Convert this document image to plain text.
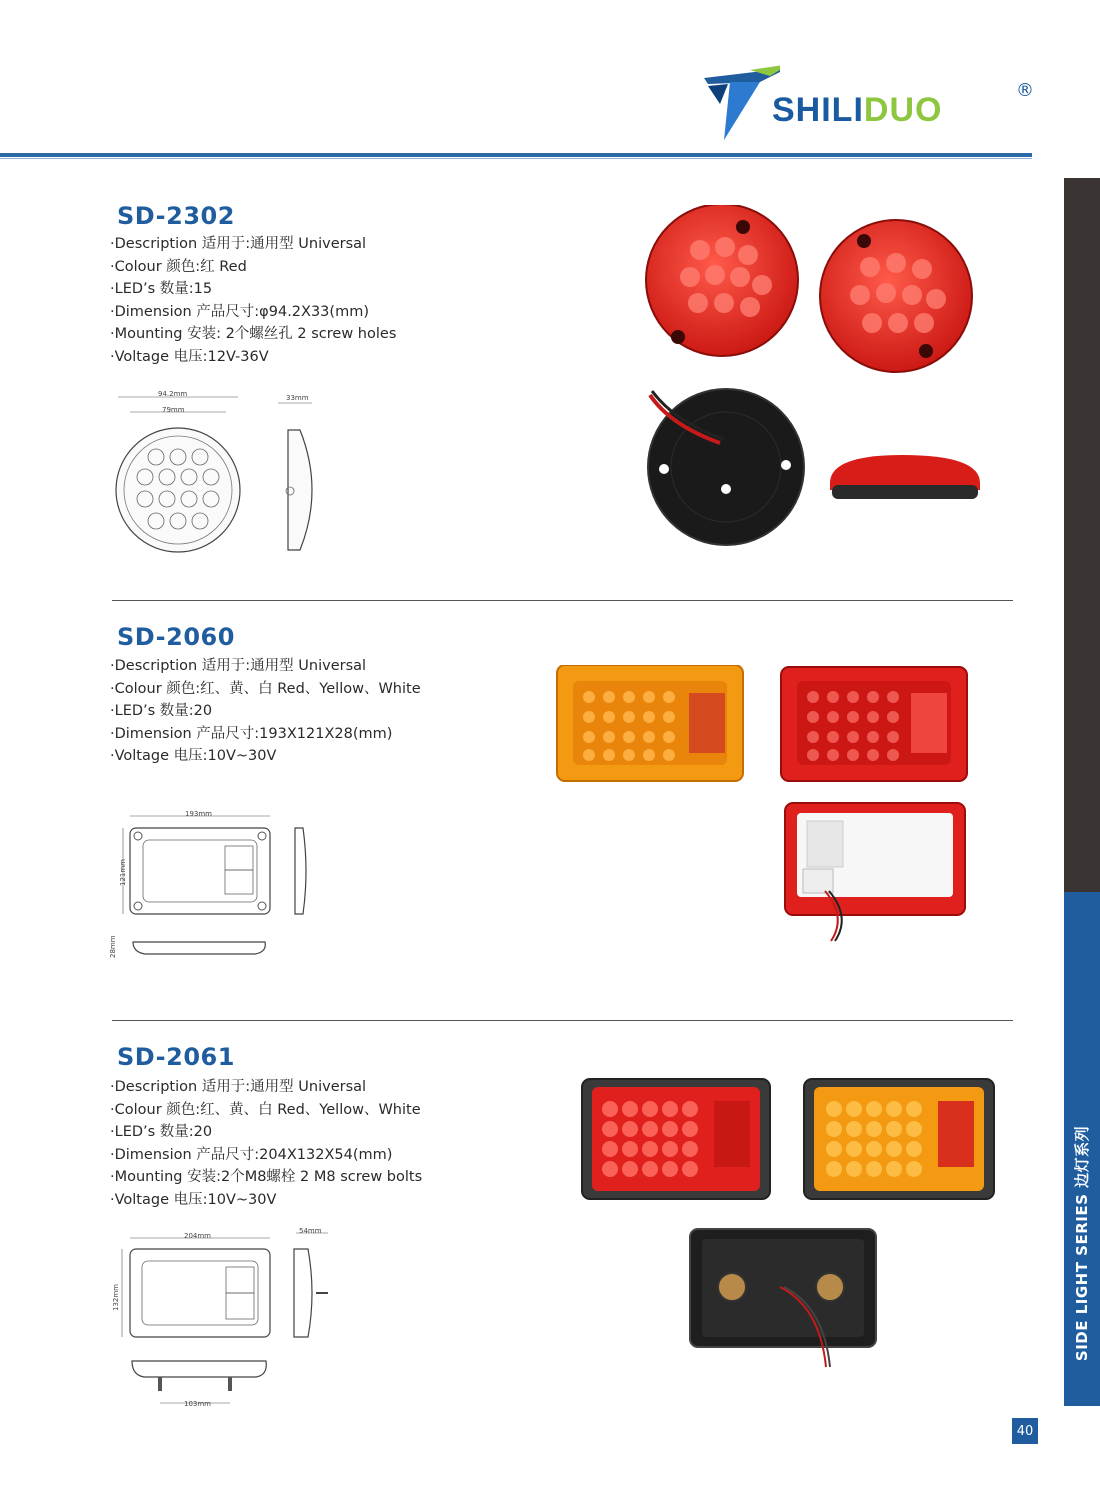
SHILIDUO
®
SIDE LIGHT SERIES 边灯系列
SD-2302
·Description 适用于:通用型 Universal
·Colour 颜色:红 Red
·LED’s 数量:15
·Dimension 产品尺寸:φ94.2X33(mm)
·Mounting 安装: 2个螺丝孔 2 screw holes
·Voltage 电压:12V-36V
94.2mm
79mm
33mm
SD-2060
·Description 适用于:通用型 Universal
·Colour 颜色:红、黄、白 Red、Yellow、White
·LED’s 数量:20
·Dimension 产品尺寸:193X121X28(mm)
·Voltage 电压:10V~30V
193mm
121mm
28mm
SD-2061
·Description 适用于:通用型 Universal
·Colour 颜色:红、黄、白 Red、Yellow、White
·LED’s 数量:20
·Dimension 产品尺寸:204X132X54(mm)
·Mounting 安装:2个M8螺栓 2 M8 screw bolts
·Voltage 电压:10V~30V
204mm
132mm
54mm
103mm
40
